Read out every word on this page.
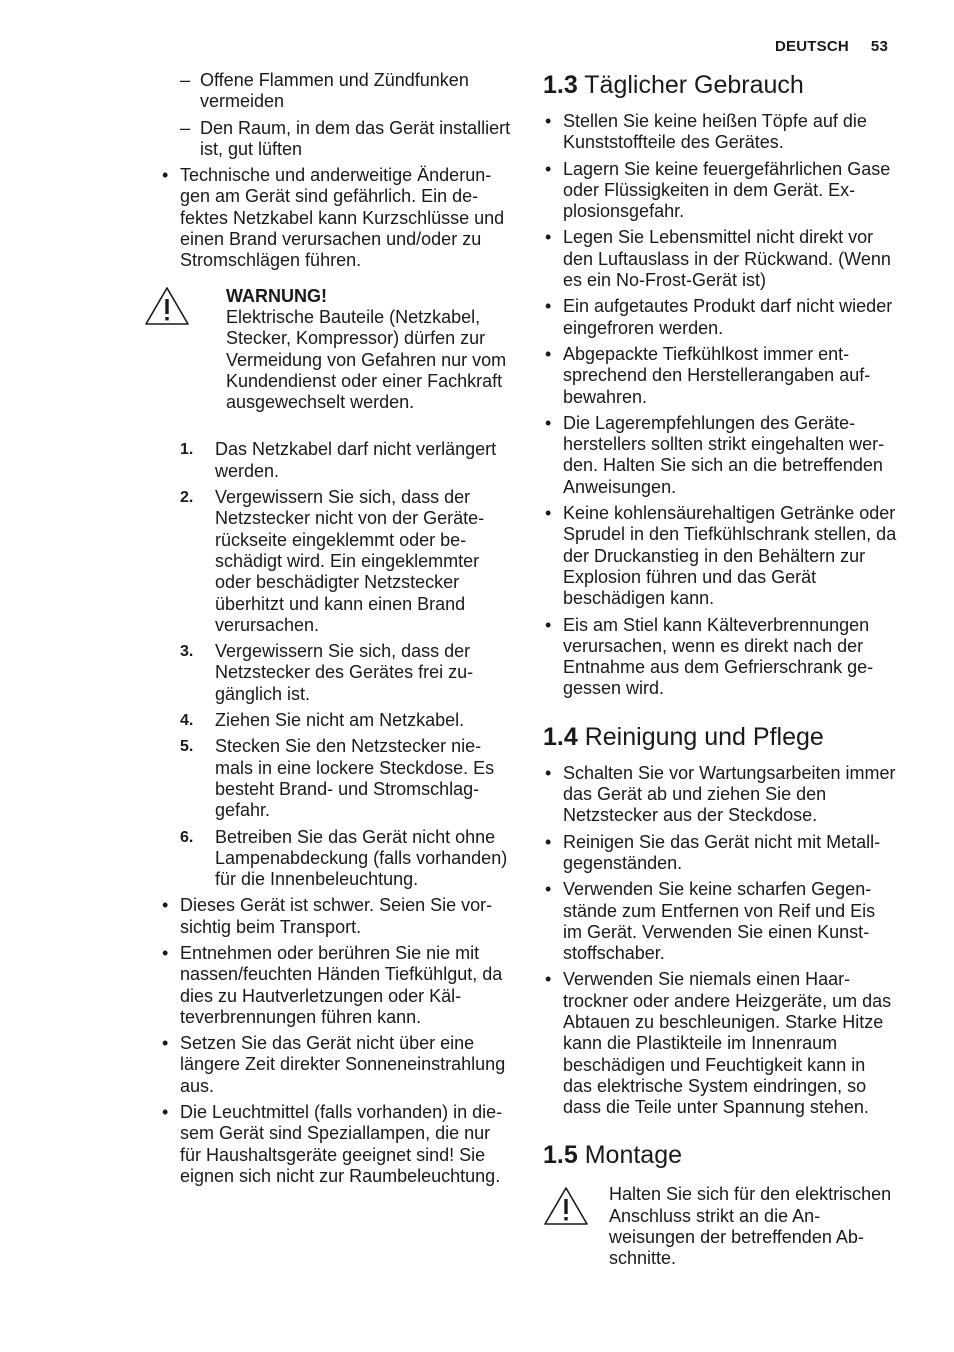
DEUTSCH 53
– Offene Flammen und Zündfunken vermeiden
– Den Raum, in dem das Gerät installiert ist, gut lüften
• Technische und anderweitige Änderungen am Gerät sind gefährlich. Ein defektes Netzkabel kann Kurzschlüsse und einen Brand verursachen und/oder zu Stromschlägen führen.
WARNUNG!
Elektrische Bauteile (Netzkabel, Stecker, Kompressor) dürfen zur Vermeidung von Gefahren nur vom Kundendienst oder einer Fachkraft ausgewechselt werden.
1. Das Netzkabel darf nicht verlängert werden.
2. Vergewissern Sie sich, dass der Netzstecker nicht von der Geräterückseite eingeklemmt oder beschädigt wird. Ein eingeklemmter oder beschädigter Netzstecker überhitzt und kann einen Brand verursachen.
3. Vergewissern Sie sich, dass der Netzstecker des Gerätes frei zugänglich ist.
4. Ziehen Sie nicht am Netzkabel.
5. Stecken Sie den Netzstecker niemals in eine lockere Steckdose. Es besteht Brand- und Stromschlaggefahr.
6. Betreiben Sie das Gerät nicht ohne Lampenabdeckung (falls vorhanden) für die Innenbeleuchtung.
• Dieses Gerät ist schwer. Seien Sie vorsichtig beim Transport.
• Entnehmen oder berühren Sie nie mit nassen/feuchten Händen Tiefkühlgut, da dies zu Hautverletzungen oder Kälteverbrennungen führen kann.
• Setzen Sie das Gerät nicht über eine längere Zeit direkter Sonneneinstrahlung aus.
• Die Leuchtmittel (falls vorhanden) in diesem Gerät sind Speziallampen, die nur für Haushaltsgeräte geeignet sind! Sie eignen sich nicht zur Raumbeleuchtung.
1.3 Täglicher Gebrauch
• Stellen Sie keine heißen Töpfe auf die Kunststoffteile des Gerätes.
• Lagern Sie keine feuergefährlichen Gase oder Flüssigkeiten in dem Gerät. Explosionsgefahr.
• Legen Sie Lebensmittel nicht direkt vor den Luftauslass in der Rückwand. (Wenn es ein No-Frost-Gerät ist)
• Ein aufgetautes Produkt darf nicht wieder eingefroren werden.
• Abgepackte Tiefkühlkost immer entsprechend den Herstellerangaben aufbewahren.
• Die Lagerempfehlungen des Geräteherstellers sollten strikt eingehalten werden. Halten Sie sich an die betreffenden Anweisungen.
• Keine kohlensäurehaltigen Getränke oder Sprudel in den Tiefkühlschrank stellen, da der Druckanstieg in den Behältern zur Explosion führen und das Gerät beschädigen kann.
• Eis am Stiel kann Kälteverbrennungen verursachen, wenn es direkt nach der Entnahme aus dem Gefrierschrank gegessen wird.
1.4 Reinigung und Pflege
• Schalten Sie vor Wartungsarbeiten immer das Gerät ab und ziehen Sie den Netzstecker aus der Steckdose.
• Reinigen Sie das Gerät nicht mit Metallgegenständen.
• Verwenden Sie keine scharfen Gegenstände zum Entfernen von Reif und Eis im Gerät. Verwenden Sie einen Kunststoffschaber.
• Verwenden Sie niemals einen Haartrockner oder andere Heizgeräte, um das Abtauen zu beschleunigen. Starke Hitze kann die Plastikteile im Innenraum beschädigen und Feuchtigkeit kann in das elektrische System eindringen, so dass die Teile unter Spannung stehen.
1.5 Montage
Halten Sie sich für den elektrischen Anschluss strikt an die Anweisungen der betreffenden Abschnitte.
